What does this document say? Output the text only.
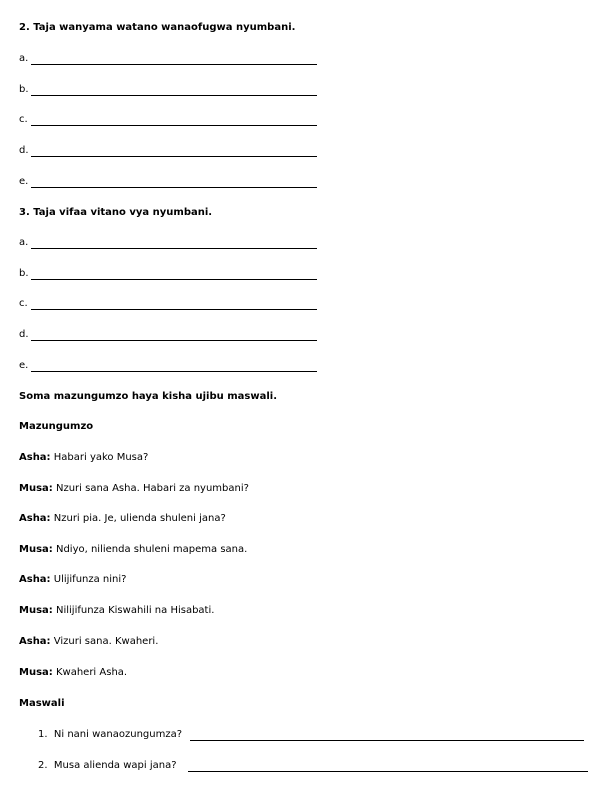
2. Taja wanyama watano wanaofugwa nyumbani.
a.
b.
c.
d.
e.
3. Taja vifaa vitano vya nyumbani.
a.
b.
c.
d.
e.
Soma mazungumzo haya kisha ujibu maswali.
Mazungumzo
Asha: Habari yako Musa?
Musa: Nzuri sana Asha. Habari za nyumbani?
Asha: Nzuri pia. Je, ulienda shuleni jana?
Musa: Ndiyo, nilienda shuleni mapema sana.
Asha: Ulijifunza nini?
Musa: Nilijifunza Kiswahili na Hisabati.
Asha: Vizuri sana. Kwaheri.
Musa: Kwaheri Asha.
Maswali
1. Ni nani wanaozungumza?
2. Musa alienda wapi jana?
